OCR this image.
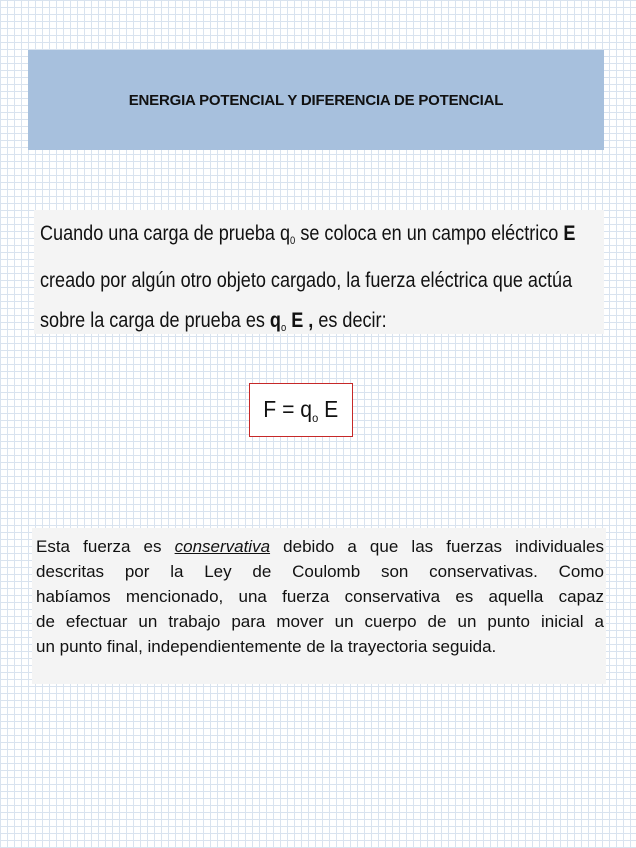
ENERGIA POTENCIAL Y DIFERENCIA DE POTENCIAL
Cuando una carga de prueba $q_0$ se coloca en un campo eléctrico E
creado por algún otro objeto cargado, la fuerza eléctrica que actúa
sobre la carga de prueba es $q_o$ E , es decir:
$F = q_o$ E
Esta fuerza es conservativa debido a que las fuerzas individuales
descritas por la Ley de Coulomb son conservativas. Como
habíamos mencionado, una fuerza conservativa es aquella capaz
de efectuar un trabajo para mover un cuerpo de un punto inicial a
un punto final, independientemente de la trayectoria seguida.
